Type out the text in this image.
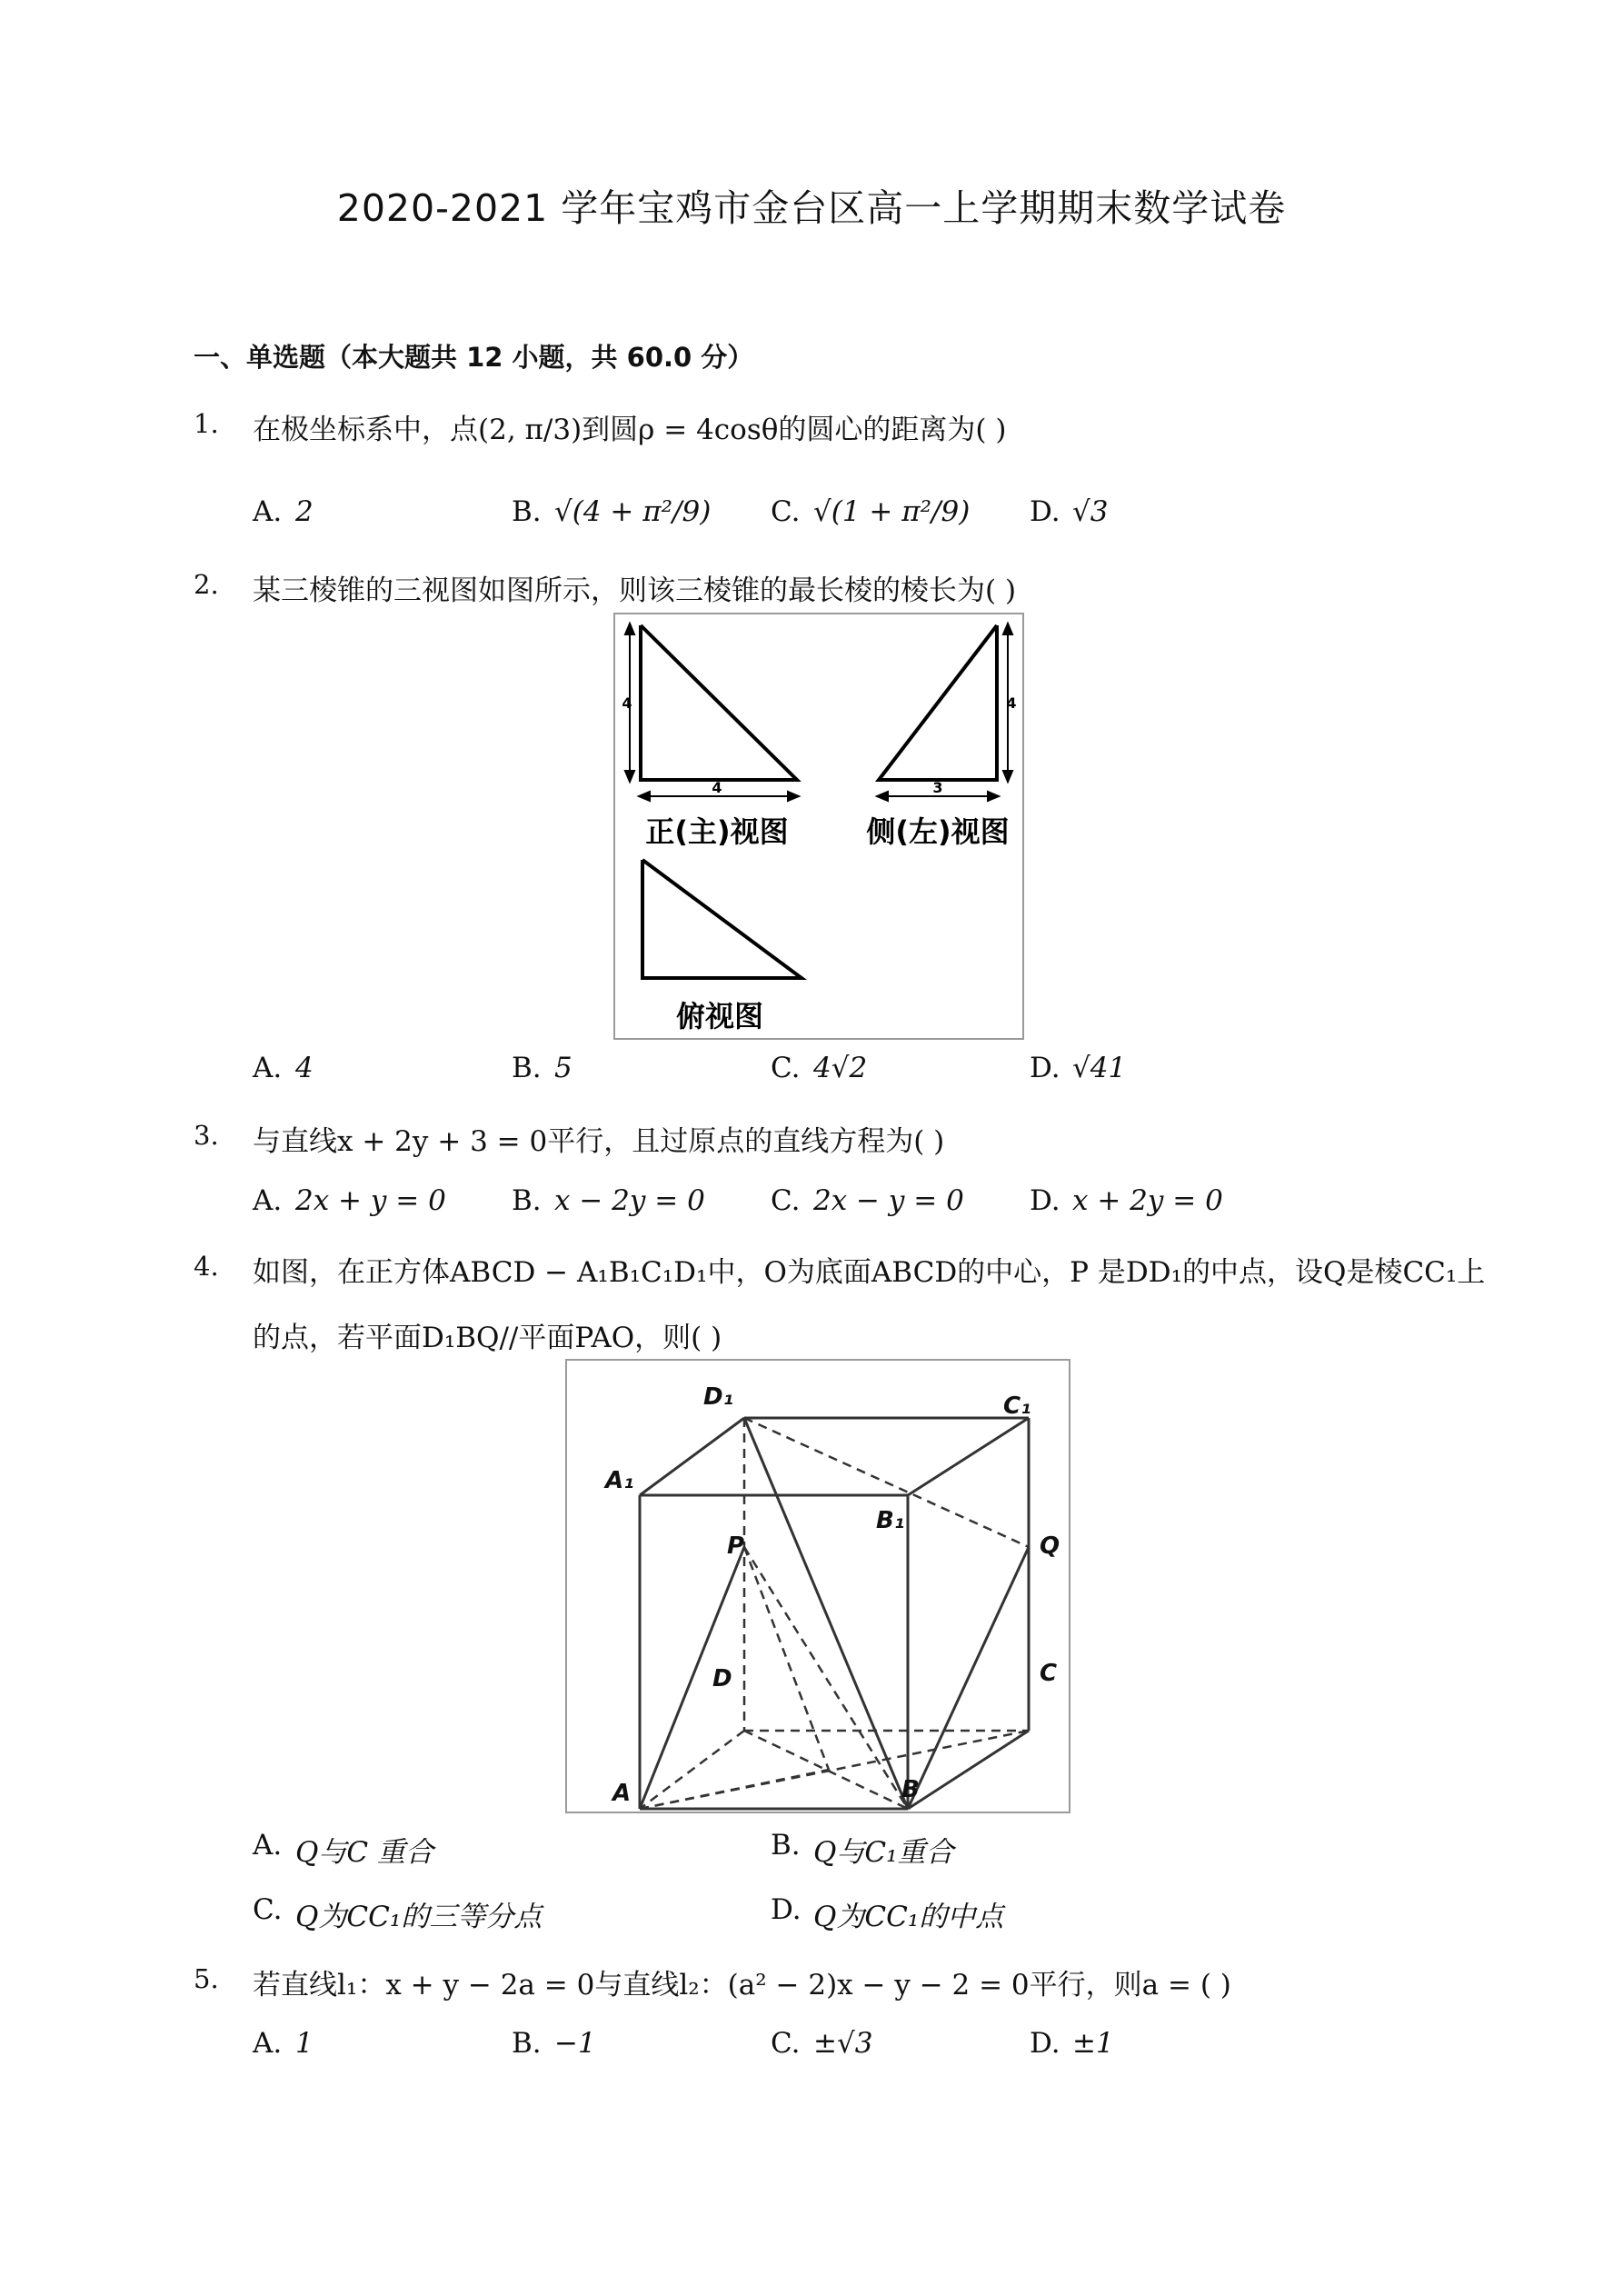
2020-2021 学年宝鸡市金台区高一上学期期末数学试卷
一、单选题（本大题共 12 小题，共 60.0 分）
1. 在极坐标系中，点(2, π/3)到圆ρ = 4cosθ的圆心的距离为( )
A. 2	B. √(4 + π²/9) C. √(1 + π²/9) D. √3
2. 某三棱锥的三视图如图所示，则该三棱锥的最长棱的棱长为( )
4
4
4
3
正(主)视图	侧(左)视图
俯视图
A. 4	B. 5	C. 4√2	D. √41
3. 与直线x + 2y + 3 = 0平行，且过原点的直线方程为( )
A. 2x + y = 0 B. x − 2y = 0 C. 2x − y = 0 D. x + 2y = 0
4. 如图，在正方体ABCD − A₁B₁C₁D₁中，O为底面ABCD的中心，P 是DD₁的中点，设Q是棱CC₁上
的点，若平面D₁BQ//平面PAO，则( )
D₁	C₁
A₁
B₁
Q
P
D	C
A	B
A. Q与C 重合	B. Q与C₁重合
C. Q为CC₁的三等分点	D. Q为CC₁的中点
5. 若直线l₁：x + y − 2a = 0与直线l₂：(a² − 2)x − y − 2 = 0平行，则a = ( )
A. 1	B. −1	C. ±√3	D. ±1
